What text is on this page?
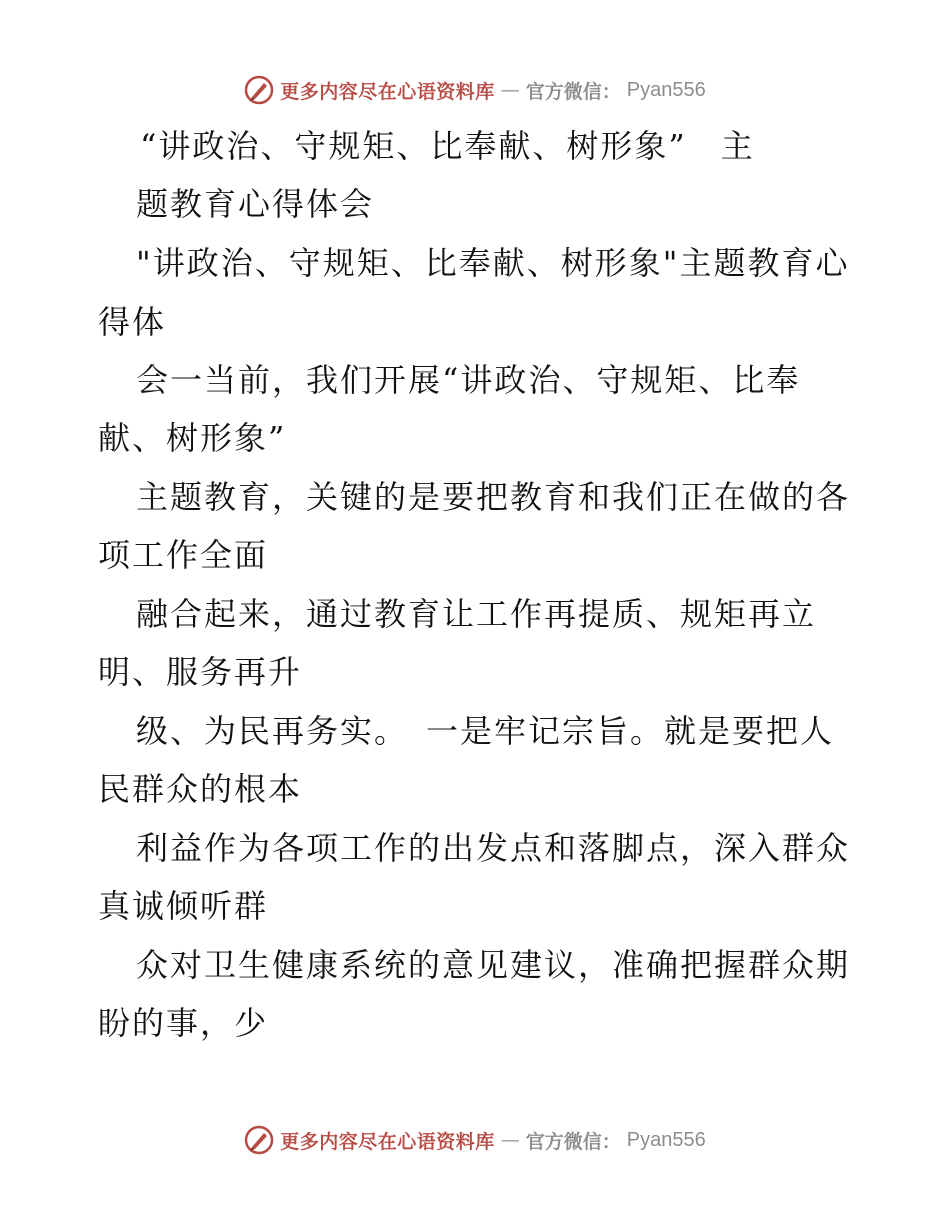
更多内容尽在心语资料库 — 官方微信： Pyan556
“讲政治、守规矩、比奉献、树形象”　主
题教育心得体会
"讲政治、守规矩、比奉献、树形象"主题教育心
得体
会一当前，我们开展“讲政治、守规矩、比奉
献、树形象”
主题教育，关键的是要把教育和我们正在做的各
项工作全面
融合起来，通过教育让工作再提质、规矩再立
明、服务再升
级、为民再务实。　一是牢记宗旨。就是要把人
民群众的根本
利益作为各项工作的出发点和落脚点，深入群众
真诚倾听群
众对卫生健康系统的意见建议，准确把握群众期
盼的事，少
更多内容尽在心语资料库 — 官方微信： Pyan556
